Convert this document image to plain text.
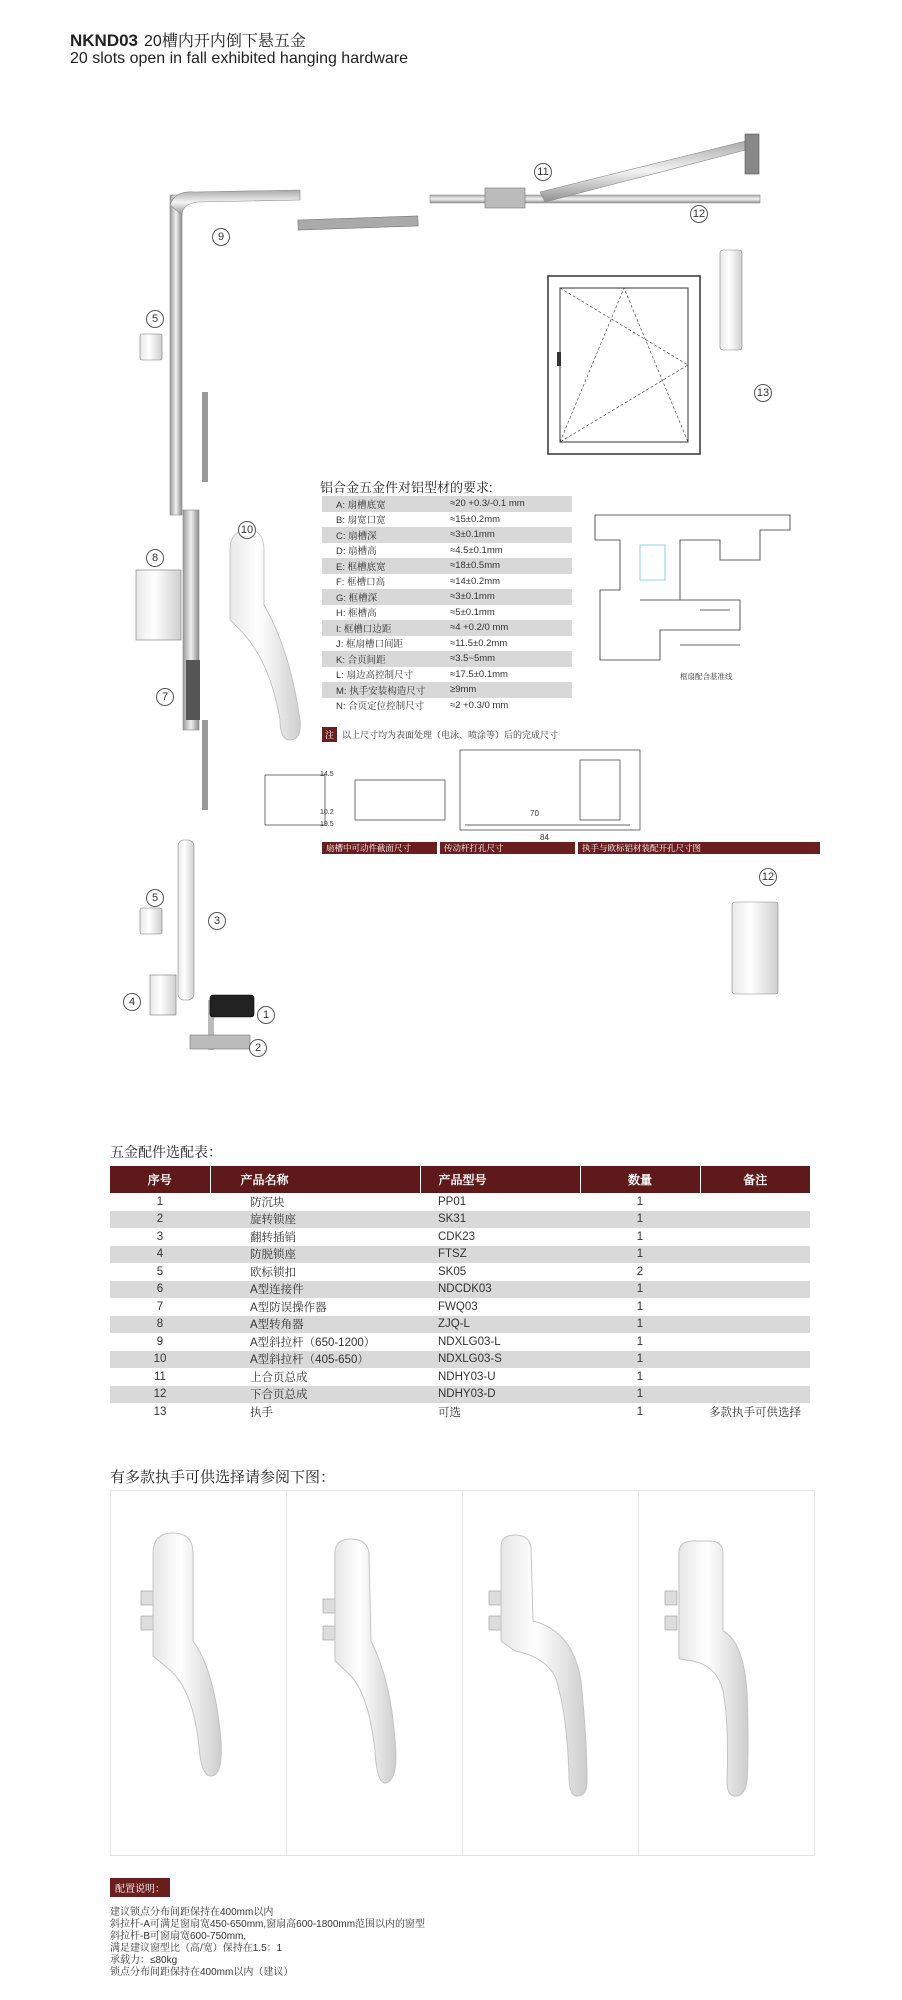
NKND03 20槽内开内倒下悬五金
20 slots open in fall exhibited hanging hardware
框扇配合基准线
70
84
14.5
10.2
19.5
11
12
9
5
13
10
8
7
12
5
3
4
1
2
铝合金五金件对铝型材的要求:
A: 扇槽底宽	≈20 +0.3/-0.1 mm
B: 扇宽口宽	≈15±0.2mm
C: 扇槽深	≈3±0.1mm
D: 扇槽高	≈4.5±0.1mm
E: 框槽底宽	≈18±0.5mm
F: 框槽口高	≈14±0.2mm
G: 框槽深	≈3±0.1mm
H: 框槽高	≈5±0.1mm
I: 框槽口边距	≈4 +0.2/0 mm
J: 框扇槽口间距	≈11.5±0.2mm
K: 合页间距	≈3.5~5mm
L: 扇边高控制尺寸	≈17.5±0.1mm
M: 执手安装构造尺寸	≥9mm
N: 合页定位控制尺寸	≈2 +0.3/0 mm
注 以上尺寸均为表面处理（电泳、喷涂等）后的完成尺寸
扇槽中可动件截面尺寸	传动杆打孔尺寸	执手与欧标铝材装配开孔尺寸图
五金配件选配表：
序号	产品名称	产品型号	数量	备注
1	防沉块	PP01	1	
2	旋转锁座	SK31	1	
3	翻转插销	CDK23	1	
4	防脱锁座	FTSZ	1	
5	欧标锁扣	SK05	2	
6	A型连接件	NDCDK03	1	
7	A型防误操作器	FWQ03	1	
8	A型转角器	ZJQ-L	1	
9	A型斜拉杆（650-1200）	NDXLG03-L	1	
10	A型斜拉杆（405-650）	NDXLG03-S	1	
11	上合页总成	NDHY03-U	1	
12	下合页总成	NDHY03-D	1	
13	执手	可选	1	多款执手可供选择
有多款执手可供选择请参阅下图：
配置说明：
建议锁点分布间距保持在400mm以内
斜拉杆-A可满足窗扇宽450-650mm,窗扇高600-1800mm范围以内的窗型
斜拉杆-B可窗扇宽600-750mm,
满足建议窗型比（高/宽）保持在1.5：1
承载力：≤80kg
锁点分布间距保持在400mm以内（建议）
